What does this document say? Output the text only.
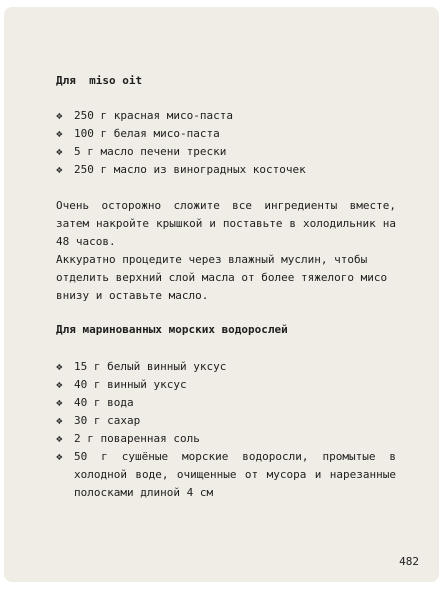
Для  miso oit

❖	250 г красная мисо-паста
❖	100 г белая мисо-паста
❖	5 г масло печени трески
❖	250 г масло из виноградных косточек

Очень осторожно сложите все ингредиенты вместе, затем накройте крышкой и поставьте в холодильник на 48 часов.

Аккуратно процедите через влажный муслин, чтобы отделить верхний слой масла от более тяжелого мисо внизу и оставьте масло.

Для маринованных морских водорослей

❖	15 г белый винный уксус
❖	40 г винный уксус
❖	40 г вода
❖	30 г сахар
❖	2 г поваренная соль
❖	50 г сушёные морские водоросли, промытые в холодной воде, очищенные от мусора и нарезанные полосками длиной 4 см
482
